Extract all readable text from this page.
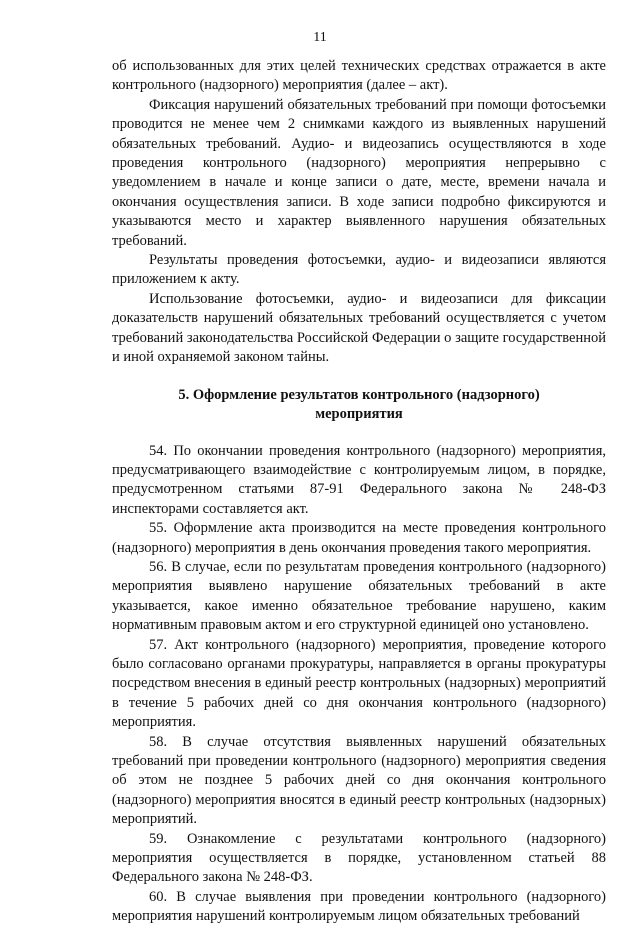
11

об использованных для этих целей технических средствах отражается в акте контрольного (надзорного) мероприятия (далее – акт).

Фиксация нарушений обязательных требований при помощи фотосъемки проводится не менее чем 2 снимками каждого из выявленных нарушений обязательных требований. Аудио- и видеозапись осуществляются в ходе проведения контрольного (надзорного) мероприятия непрерывно с уведомлением в начале и конце записи о дате, месте, времени начала и окончания осуществления записи. В ходе записи подробно фиксируются и указываются место и характер выявленного нарушения обязательных требований.

Результаты проведения фотосъемки, аудио- и видеозаписи являются приложением к акту.

Использование фотосъемки, аудио- и видеозаписи для фиксации доказательств нарушений обязательных требований осуществляется с учетом требований законодательства Российской Федерации о защите государственной и иной охраняемой законом тайны.

5. Оформление результатов контрольного (надзорного)
мероприятия

54. По окончании проведения контрольного (надзорного) мероприятия, предусматривающего взаимодействие с контролируемым лицом, в порядке, предусмотренном статьями 87-91 Федерального закона № 248-ФЗ инспекторами составляется акт.

55. Оформление акта производится на месте проведения контрольного (надзорного) мероприятия в день окончания проведения такого мероприятия.

56. В случае, если по результатам проведения контрольного (надзорного) мероприятия выявлено нарушение обязательных требований в акте указывается, какое именно обязательное требование нарушено, каким нормативным правовым актом и его структурной единицей оно установлено.

57. Акт контрольного (надзорного) мероприятия, проведение которого было согласовано органами прокуратуры, направляется в органы прокуратуры посредством внесения в единый реестр контрольных (надзорных) мероприятий в течение 5 рабочих дней со дня окончания контрольного (надзорного) мероприятия.

58. В случае отсутствия выявленных нарушений обязательных требований при проведении контрольного (надзорного) мероприятия сведения об этом не позднее 5 рабочих дней со дня окончания контрольного (надзорного) мероприятия вносятся в единый реестр контрольных (надзорных) мероприятий.

59. Ознакомление с результатами контрольного (надзорного) мероприятия осуществляется в порядке, установленном статьей 88 Федерального закона № 248-ФЗ.

60. В случае выявления при проведении контрольного (надзорного) мероприятия нарушений контролируемым лицом обязательных требований
